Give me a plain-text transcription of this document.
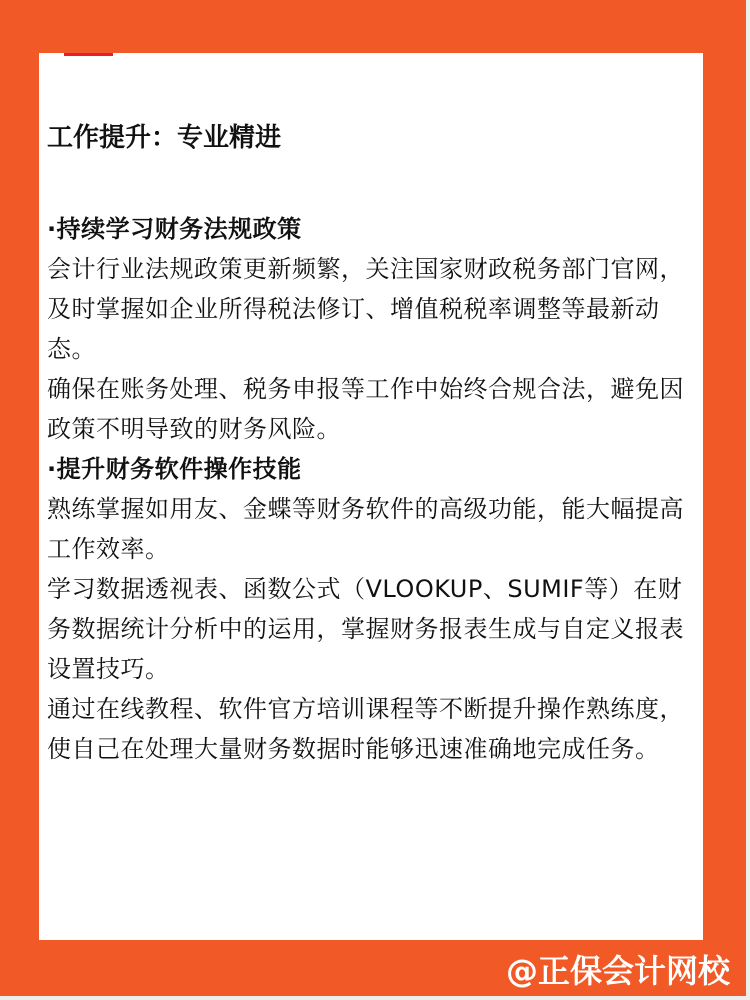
工作提升：专业精进

·持续学习财务法规政策

会计行业法规政策更新频繁，关注国家财政税务部门官网，及时掌握如企业所得税法修订、增值税税率调整等最新动态。

确保在账务处理、税务申报等工作中始终合规合法，避免因政策不明导致的财务风险。

·提升财务软件操作技能

熟练掌握如用友、金蝶等财务软件的高级功能，能大幅提高工作效率。

学习数据透视表、函数公式（VLOOKUP、SUMIF等）在财务数据统计分析中的运用，掌握财务报表生成与自定义报表设置技巧。

通过在线教程、软件官方培训课程等不断提升操作熟练度，使自己在处理大量财务数据时能够迅速准确地完成任务。

@正保会计网校
